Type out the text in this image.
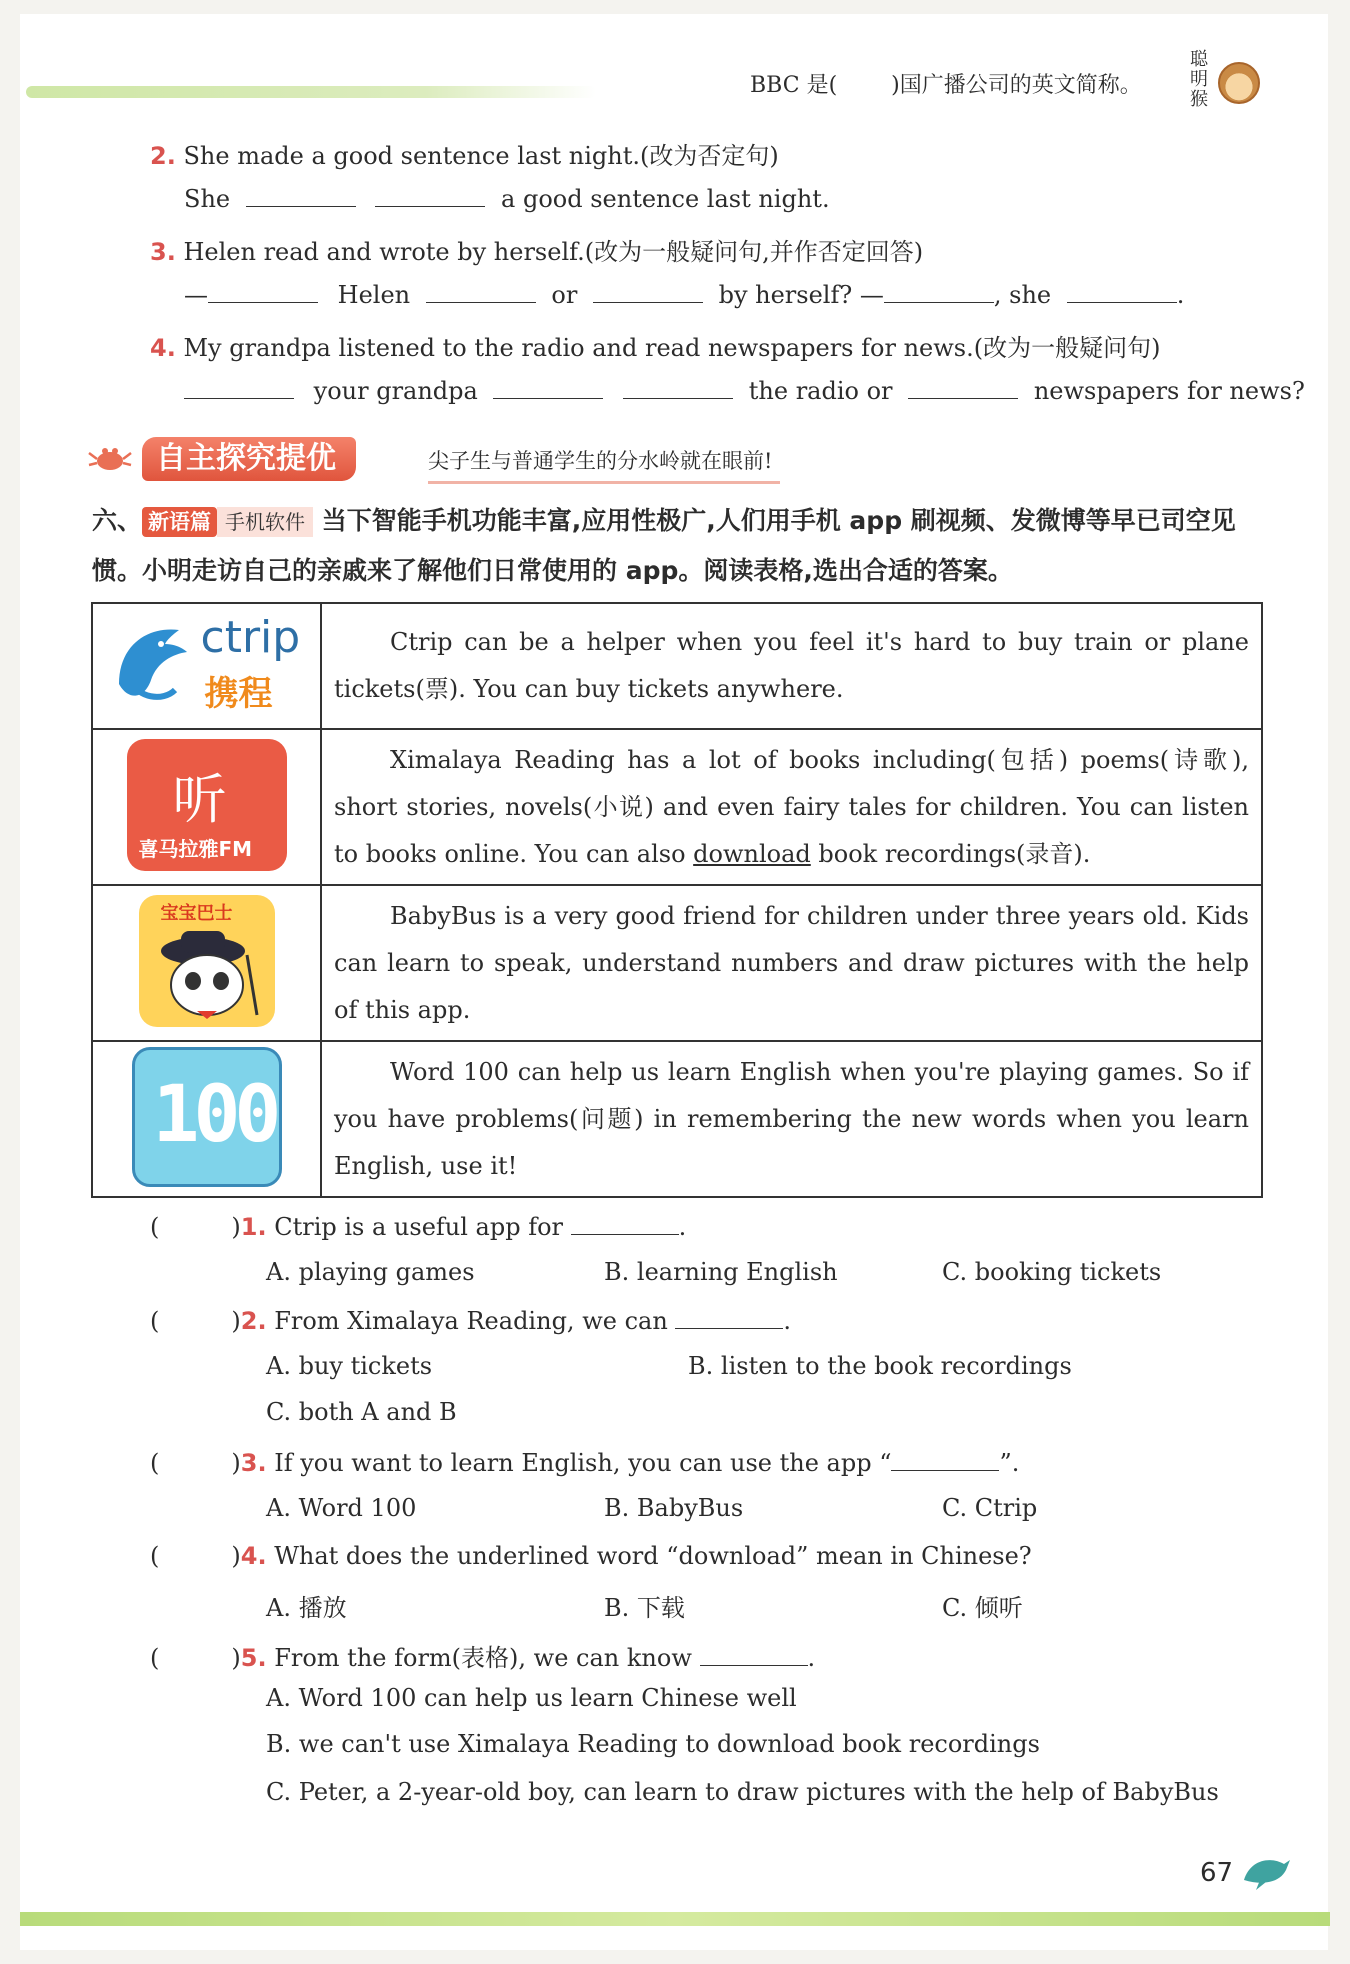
BBC 是( )国广播公司的英文简称。
聪明猴
2. She made a good sentence last night.(改为否定句)
She	a good sentence last night.
3. Helen read and wrote by herself.(改为一般疑问句,并作否定回答)
—	Helen	or	by herself? —	, she	.
4. My grandpa listened to the radio and read newspapers for news.(改为一般疑问句)
your grandpa	the radio or	newspapers for news?
自主探究提优	尖子生与普通学生的分水岭就在眼前!
六、 新语篇 手机软件 当下智能手机功能丰富,应用性极广,人们用手机 app 刷视频、发微博等早已司空见惯。小明走访自己的亲戚来了解他们日常使用的 app。阅读表格,选出合适的答案。
ctrip
携程	Ctrip can be a helper when you feel it's hard to buy train or plane tickets(票). You can buy tickets anywhere.

听
喜马拉雅FM	Ximalaya Reading has a lot of books including(包括) poems(诗歌), short stories, novels(小说) and even fairy tales for children. You can listen to books online. You can also download book recordings(录音).

宝宝巴士	BabyBus is a very good friend for children under three years old. Kids can learn to speak, understand numbers and draw pictures with the help of this app.

100	Word 100 can help us learn English when you're playing games. So if you have problems(问题) in remembering the new words when you learn English, use it!
(	)1. Ctrip is a useful app for	.
A. playing games	B. learning English	C. booking tickets
(	)2. From Ximalaya Reading, we can	.
A. buy tickets	B. listen to the book recordings
C. both A and B
(	)3. If you want to learn English, you can use the app “	”.
A. Word 100	B. BabyBus	C. Ctrip
(	)4. What does the underlined word “download” mean in Chinese?
A. 播放	B. 下载	C. 倾听
(	)5. From the form(表格), we can know	.
A. Word 100 can help us learn Chinese well
B. we can't use Ximalaya Reading to download book recordings
C. Peter, a 2-year-old boy, can learn to draw pictures with the help of BabyBus
67
